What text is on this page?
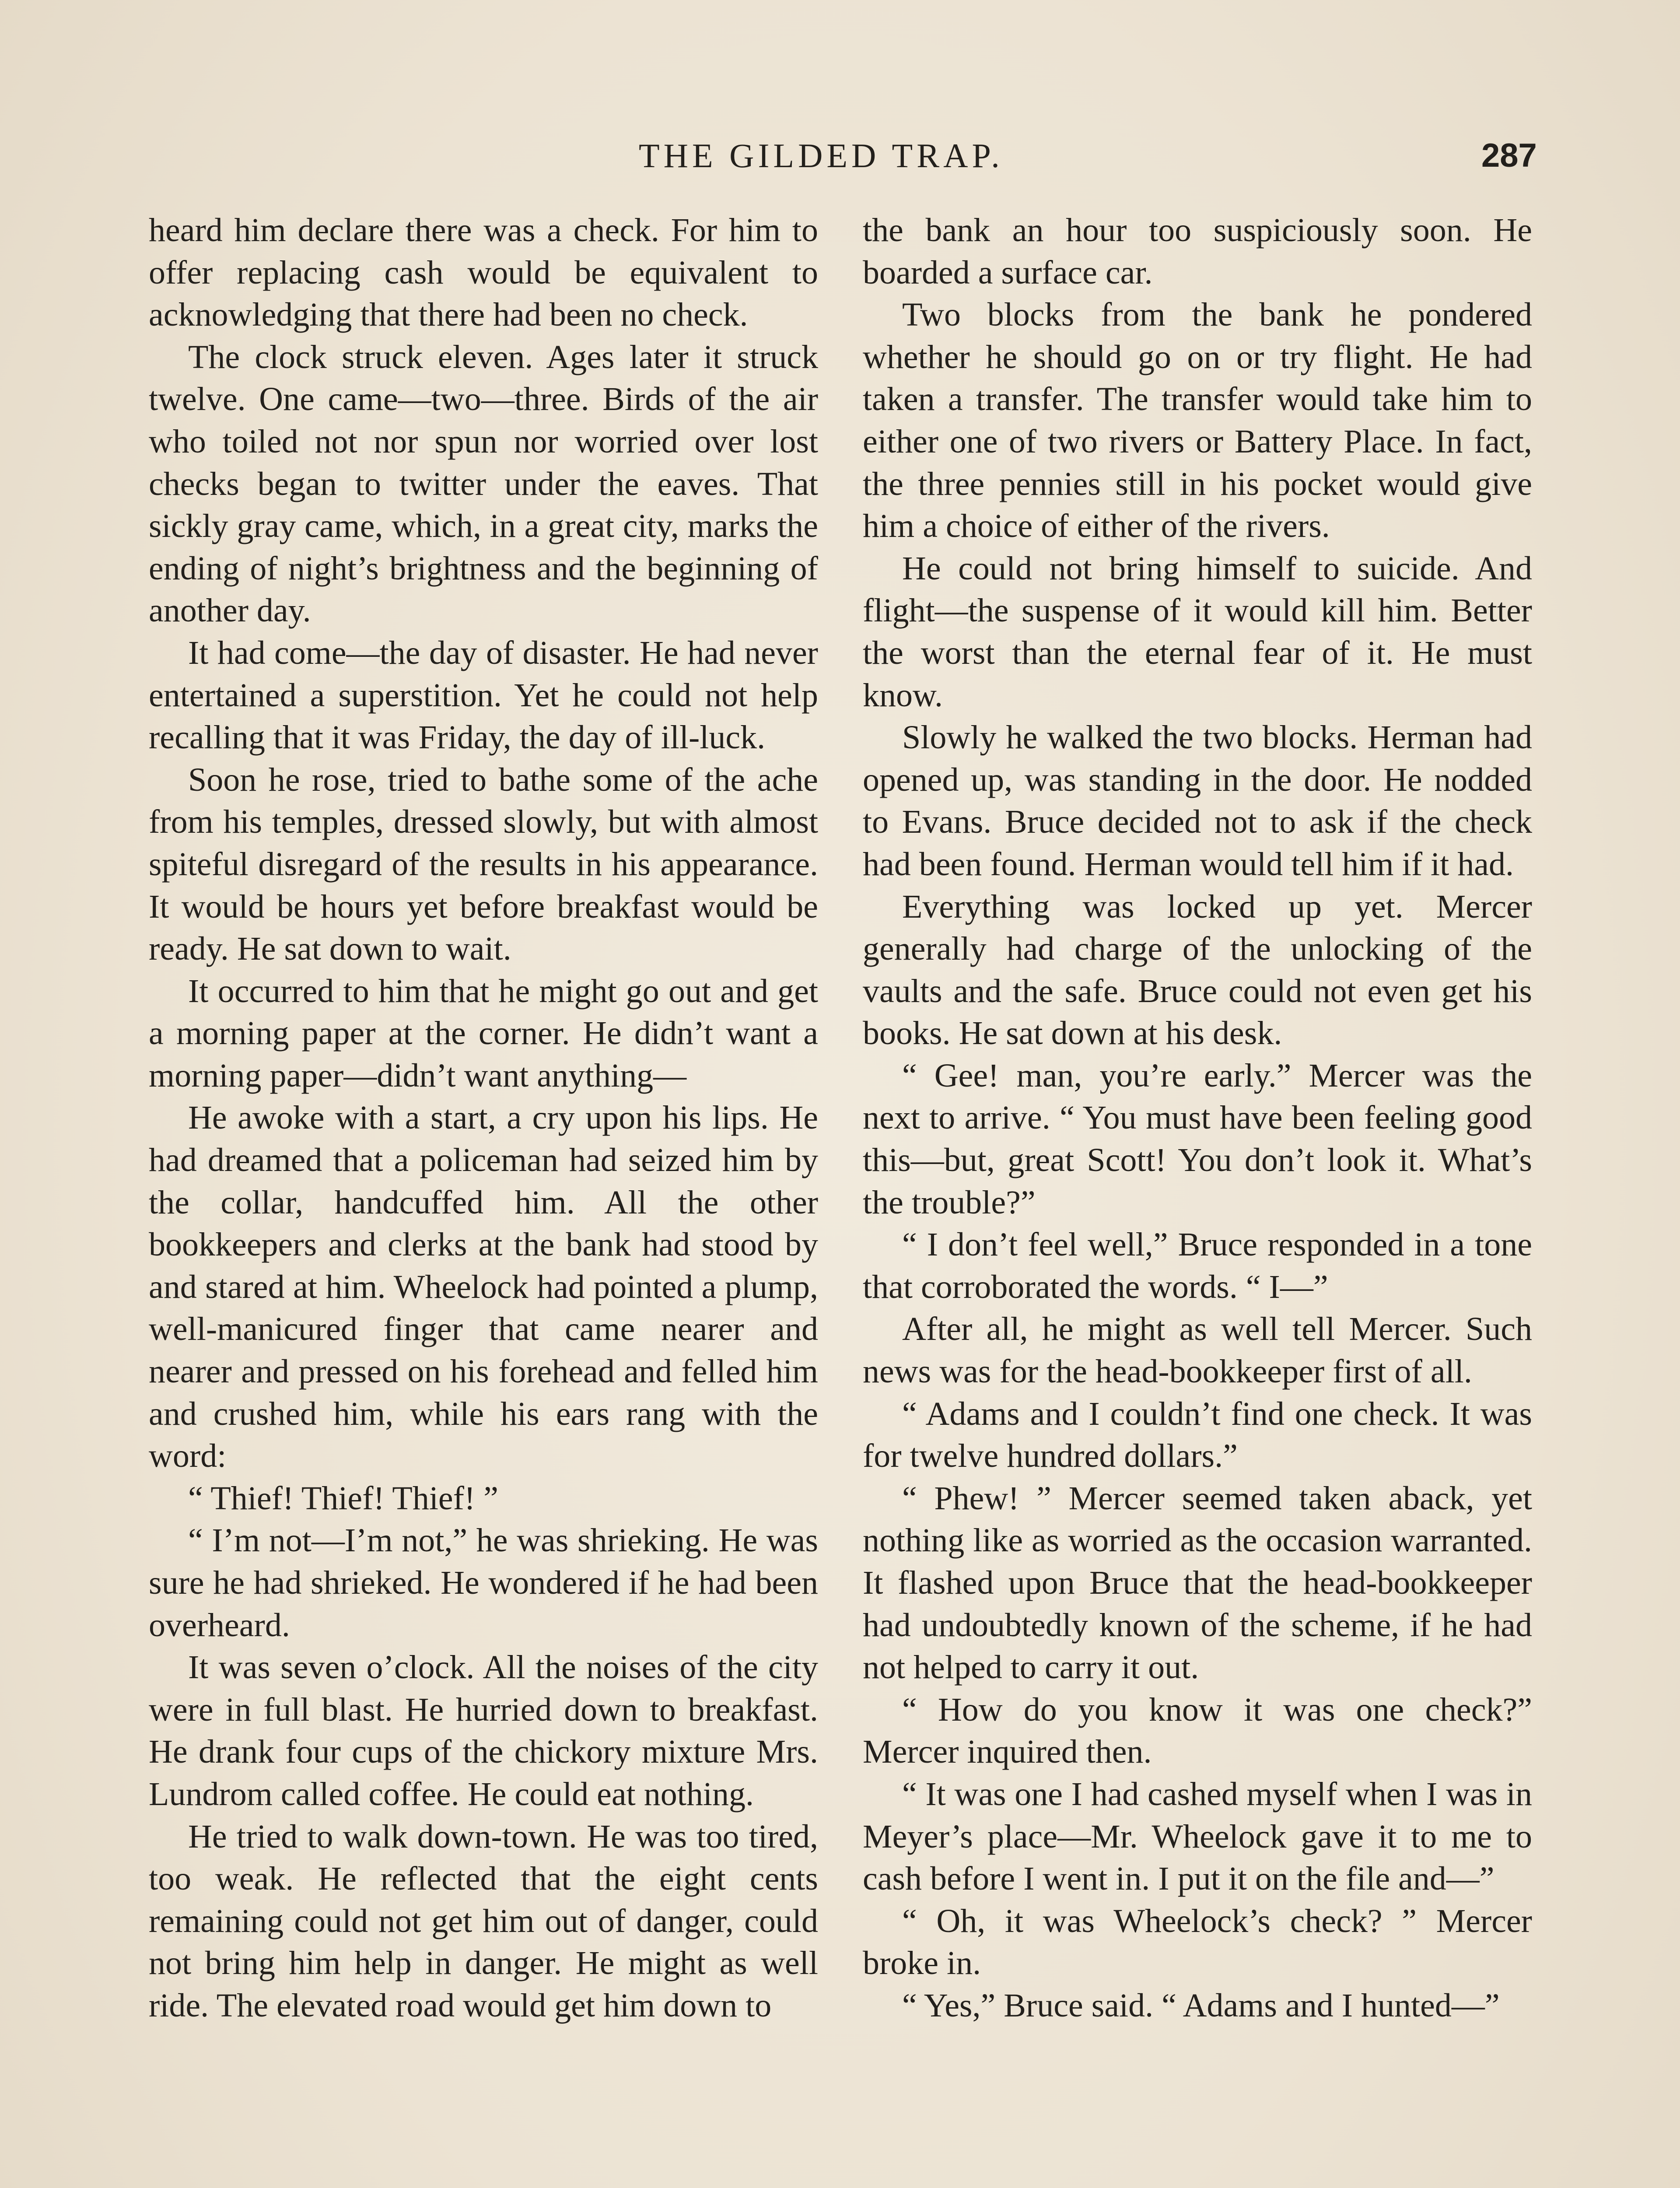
THE GILDED TRAP.	287

heard him declare there was a check. For him to offer replacing cash would be equivalent to acknowledging that there had been no check.

The clock struck eleven. Ages later it struck twelve. One came—two—three. Birds of the air who toiled not nor spun nor worried over lost checks began to twitter under the eaves. That sickly gray came, which, in a great city, marks the ending of night’s brightness and the beginning of another day.

It had come—the day of disaster. He had never entertained a superstition. Yet he could not help recalling that it was Friday, the day of ill-luck.

Soon he rose, tried to bathe some of the ache from his temples, dressed slowly, but with almost spiteful disregard of the results in his appearance. It would be hours yet before breakfast would be ready. He sat down to wait.

It occurred to him that he might go out and get a morning paper at the corner. He didn’t want a morning paper—didn’t want anything—

He awoke with a start, a cry upon his lips. He had dreamed that a policeman had seized him by the collar, handcuffed him. All the other bookkeepers and clerks at the bank had stood by and stared at him. Wheelock had pointed a plump, well-manicured finger that came nearer and nearer and pressed on his forehead and felled him and crushed him, while his ears rang with the word:

“ Thief! Thief! Thief! ”

“ I’m not—I’m not,” he was shrieking. He was sure he had shrieked. He wondered if he had been overheard.

It was seven o’clock. All the noises of the city were in full blast. He hurried down to breakfast. He drank four cups of the chickory mixture Mrs. Lundrom called coffee. He could eat nothing.

He tried to walk down-town. He was too tired, too weak. He reflected that the eight cents remaining could not get him out of danger, could not bring him help in danger. He might as well ride. The elevated road would get him down to

the bank an hour too suspiciously soon. He boarded a surface car.

Two blocks from the bank he pondered whether he should go on or try flight. He had taken a transfer. The transfer would take him to either one of two rivers or Battery Place. In fact, the three pennies still in his pocket would give him a choice of either of the rivers.

He could not bring himself to suicide. And flight—the suspense of it would kill him. Better the worst than the eternal fear of it. He must know.

Slowly he walked the two blocks. Herman had opened up, was standing in the door. He nodded to Evans. Bruce decided not to ask if the check had been found. Herman would tell him if it had.

Everything was locked up yet. Mercer generally had charge of the unlocking of the vaults and the safe. Bruce could not even get his books. He sat down at his desk.

“ Gee! man, you’re early.” Mercer was the next to arrive. “ You must have been feeling good this—but, great Scott! You don’t look it. What’s the trouble?”

“ I don’t feel well,” Bruce responded in a tone that corroborated the words. “ I—”

After all, he might as well tell Mercer. Such news was for the head-bookkeeper first of all.

“ Adams and I couldn’t find one check. It was for twelve hundred dollars.”

“ Phew! ” Mercer seemed taken aback, yet nothing like as worried as the occasion warranted. It flashed upon Bruce that the head-bookkeeper had undoubtedly known of the scheme, if he had not helped to carry it out.

“ How do you know it was one check?” Mercer inquired then.

“ It was one I had cashed myself when I was in Meyer’s place—Mr. Wheelock gave it to me to cash before I went in. I put it on the file and—”

“ Oh, it was Wheelock’s check? ” Mercer broke in.

“ Yes,” Bruce said. “ Adams and I hunted—”
